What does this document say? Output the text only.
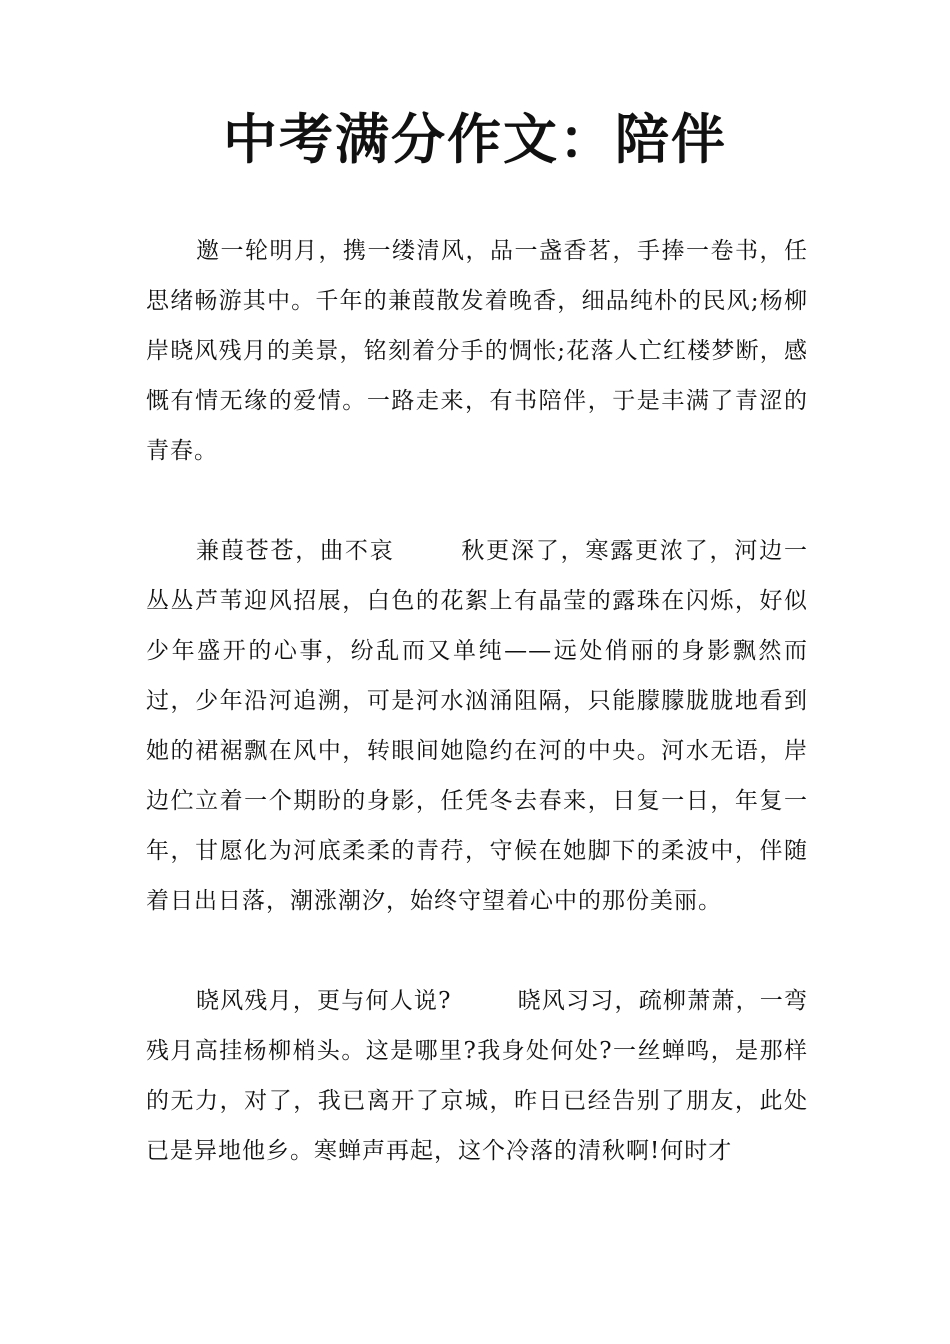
中考满分作文：陪伴

邀一轮明月，携一缕清风，品一盏香茗，手捧一卷书，任思绪畅游其中。千年的兼葭散发着晚香，细品纯朴的民风;杨柳岸晓风残月的美景，铭刻着分手的惆怅;花落人亡红楼梦断，感慨有情无缘的爱情。一路走来，有书陪伴，于是丰满了青涩的青春。

兼葭苍苍，曲不哀	秋更深了，寒露更浓了，河边一丛丛芦苇迎风招展，白色的花絮上有晶莹的露珠在闪烁，好似少年盛开的心事，纷乱而又单纯——远处俏丽的身影飘然而过，少年沿河追溯，可是河水汹涌阻隔，只能朦朦胧胧地看到她的裙裾飘在风中，转眼间她隐约在河的中央。河水无语，岸边伫立着一个期盼的身影，任凭冬去春来，日复一日，年复一年，甘愿化为河底柔柔的青荇，守候在她脚下的柔波中，伴随着日出日落，潮涨潮汐，始终守望着心中的那份美丽。

晓风残月，更与何人说?	晓风习习，疏柳萧萧，一弯残月高挂杨柳梢头。这是哪里?我身处何处?一丝蝉鸣，是那样的无力，对了，我已离开了京城，昨日已经告别了朋友，此处已是异地他乡。寒蝉声再起，这个冷落的清秋啊!何时才
